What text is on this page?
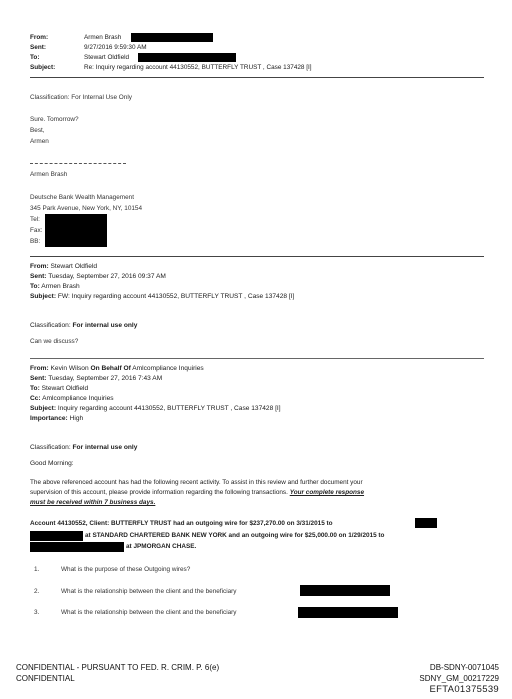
From:	Armen Brash
Sent:	9/27/2016 9:59:30 AM
To:	Stewart Oldfield
Subject:	Re: Inquiry regarding account 44130552, BUTTERFLY TRUST , Case 137428 [I]
Classification: For Internal Use Only
Sure. Tomorrow?
Best,
Armen
Armen Brash
Deutsche Bank Wealth Management
345 Park Avenue, New York, NY, 10154
Tel:
Fax:
BB:
From: Stewart Oldfield
Sent: Tuesday, September 27, 2016 09:37 AM
To: Armen Brash
Subject: FW: Inquiry regarding account 44130552, BUTTERFLY TRUST , Case 137428 [I]
Classification: For internal use only
Can we discuss?
From: Kevin Wilson On Behalf Of Amlcompliance Inquiries
Sent: Tuesday, September 27, 2016 7:43 AM
To: Stewart Oldfield
Cc: Amlcompliance Inquiries
Subject: Inquiry regarding account 44130552, BUTTERFLY TRUST , Case 137428 [I]
Importance: High
Classification: For internal use only
Good Morning:
The above referenced account has had the following recent activity. To assist in this review and further document your
supervision of this account, please provide information regarding the following transactions. Your complete response
must be received within 7 business days.
Account 44130552, Client: BUTTERFLY TRUST had an outgoing wire for $237,270.00 on 3/31/2015 to
at STANDARD CHARTERED BANK NEW YORK and an outgoing wire for $25,000.00 on 1/29/2015 to
at JPMORGAN CHASE.
1.	What is the purpose of these Outgoing wires?
2.	What is the relationship between the client and the beneficiary
3.	What is the relationship between the client and the beneficiary
CONFIDENTIAL - PURSUANT TO FED. R. CRIM. P. 6(e)
CONFIDENTIAL
DB-SDNY-0071045
SDNY_GM_00217229
EFTA01375539
